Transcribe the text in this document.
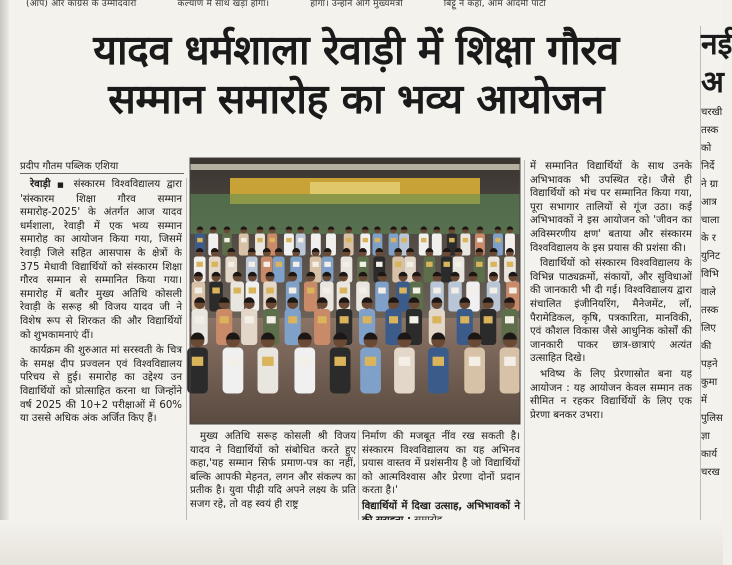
(आप) और कांग्रेस के उम्मीदवारों	कल्याण में साथ खड़ा होगा।	होगा। उन्होंने आगे मुख्यमंत्री	बिट्टू ने कहा, आम आदमी पार्टी
यादव धर्मशाला रेवाड़ी में शिक्षा गौरव
सम्मान समारोह का भव्य आयोजन
नई
अ
चरखी
तस्क
को
निर्दे
ने ग्रा
आत्र
चाला
के र
युनिट
विभि
वाले
तस्क
लिए
की
पड़ने
कुमा
में
पुलिस
ज्ञा
कार्य
चरख
प्रदीप गौतम पब्लिक एशिया

रेवाड़ी ■ संस्कारम विश्वविद्यालय द्वारा 'संस्कारम शिक्षा गौरव सम्मान समारोह-2025' के अंतर्गत आज यादव धर्मशाला, रेवाड़ी में एक भव्य सम्मान समारोह का आयोजन किया गया, जिसमें रेवाड़ी जिले सहित आसपास के क्षेत्रों के 375 मेधावी विद्यार्थियों को संस्कारम शिक्षा गौरव सम्मान से सम्मानित किया गया। समारोह में बतौर मुख्य अतिथि कोसली रेवाड़ी के सरूह श्री विजय यादव जी ने विशेष रूप से शिरकत की और विद्यार्थियों को शुभकामनाएं दीं।

कार्यक्रम की शुरुआत मां सरस्वती के चित्र के समक्ष दीप प्रज्वलन एवं विश्वविद्यालय परिचय से हुई। समारोह का उद्देश्य उन विद्यार्थियों को प्रोत्साहित करना था जिन्होंने वर्ष 2025 की 10+2 परीक्षाओं में 60% या उससे अधिक अंक अर्जित किए हैं।

मुख्य अतिथि सरूह कोसली श्री विजय यादव ने विद्यार्थियों को संबोधित करते हुए कहा,'यह सम्मान सिर्फ प्रमाण-पत्र का नहीं, बल्कि आपकी मेहनत, लगन और संकल्प का प्रतीक है। युवा पीढ़ी यदि अपने लक्ष्य के प्रति सजग रहे, तो वह स्वयं ही राष्ट्र

निर्माण की मजबूत नींव रख सकती है। संस्कारम विश्वविद्यालय का यह अभिनव प्रयास वास्तव में प्रशंसनीय है जो विद्यार्थियों को आत्मविश्वास और प्रेरणा दोनों प्रदान करता है।'

विद्यार्थियों में दिखा उत्साह, अभिभावकों ने

में सम्मानित विद्यार्थियों के साथ उनके अभिभावक भी उपस्थित रहे। जैसे ही विद्यार्थियों को मंच पर सम्मानित किया गया, पूरा सभागार तालियों से गूंज उठा। कई अभिभावकों ने इस आयोजन को 'जीवन का अविस्मरणीय क्षण' बताया और संस्कारम विश्वविद्यालय के इस प्रयास की प्रशंसा की।

विद्यार्थियों को संस्कारम विश्वविद्यालय के विभिन्न पाठ्यक्रमों, संकायों, और सुविधाओं की जानकारी भी दी गई। विश्वविद्यालय द्वारा संचालित इंजीनियरिंग, मैनेजमेंट, लॉ, पैरामेडिकल, कृषि, पत्रकारिता, मानविकी, एवं कौशल विकास जैसे आधुनिक कोर्सों की जानकारी पाकर छात्र-छात्राएं अत्यंत उत्साहित दिखे।

भविष्य के लिए प्रेरणास्रोत बना यह आयोजन : यह आयोजन केवल सम्मान तक सीमित न रहकर विद्यार्थियों के लिए एक प्रेरणा बनकर उभरा।
